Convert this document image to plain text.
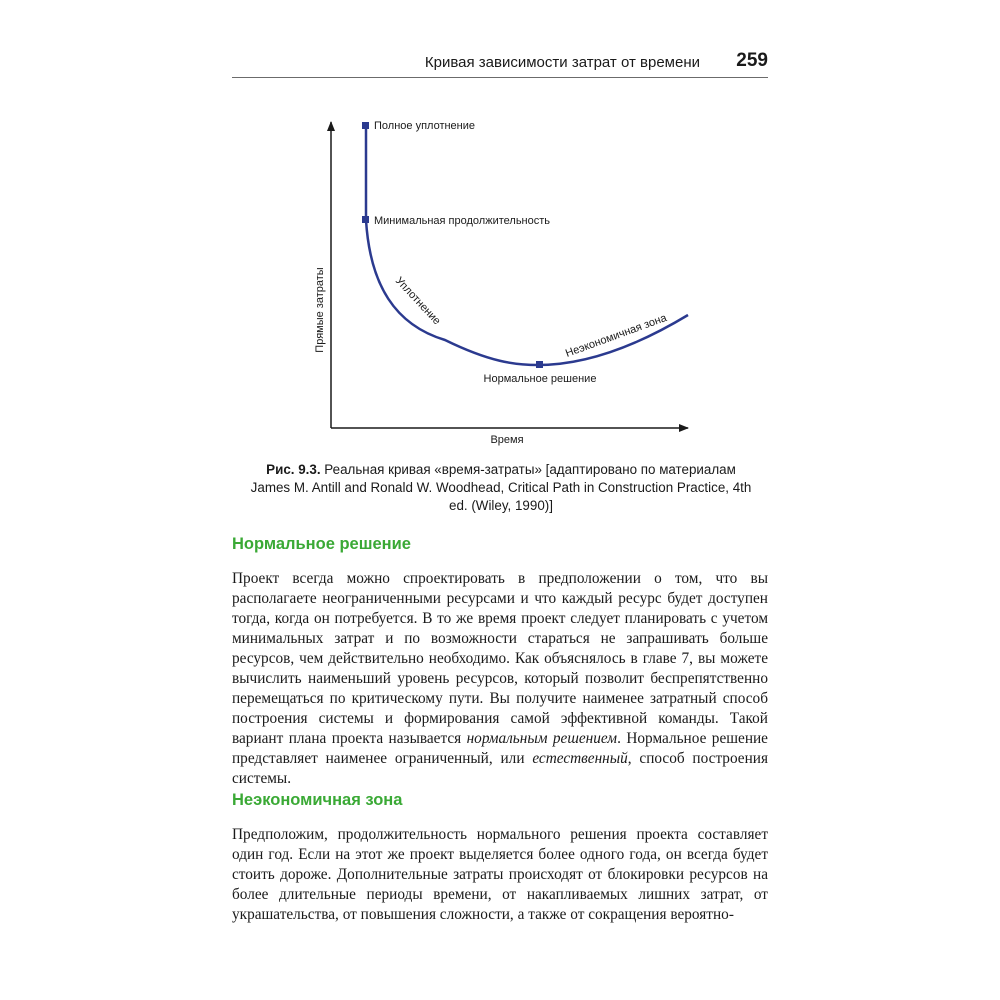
Кривая зависимости затрат от времени 259
Прямые затраты
Время
Полное уплотнение
Минимальная продолжительность
Нормальное решение
Уплотнение
Неэкономичная зона
Рис. 9.3. Реальная кривая «время-затраты» [адаптировано по материалам James M. Antill and Ronald W. Woodhead, Critical Path in Construction Practice, 4th ed. (Wiley, 1990)]
Нормальное решение

Проект всегда можно спроектировать в предположении о том, что вы располагаете неограниченными ресурсами и что каждый ресурс будет доступен тогда, когда он потребуется. В то же время проект следует планировать с учетом минимальных затрат и по возможности стараться не запрашивать больше ресурсов, чем действительно необходимо. Как объяснялось в главе 7, вы можете вычислить наименьший уровень ресурсов, который позволит беспрепятственно перемещаться по критическому пути. Вы получите наименее затратный способ построения системы и формирования самой эффективной команды. Такой вариант плана проекта называется нормальным решением. Нормальное решение представляет наименее ограниченный, или естественный, способ построения системы.

Неэкономичная зона

Предположим, продолжительность нормального решения проекта составляет один год. Если на этот же проект выделяется более одного года, он всегда будет стоить дороже. Дополнительные затраты происходят от блокировки ресурсов на более длительные периоды времени, от накапливаемых лишних затрат, от украшательства, от повышения сложности, а также от сокращения вероятно-
